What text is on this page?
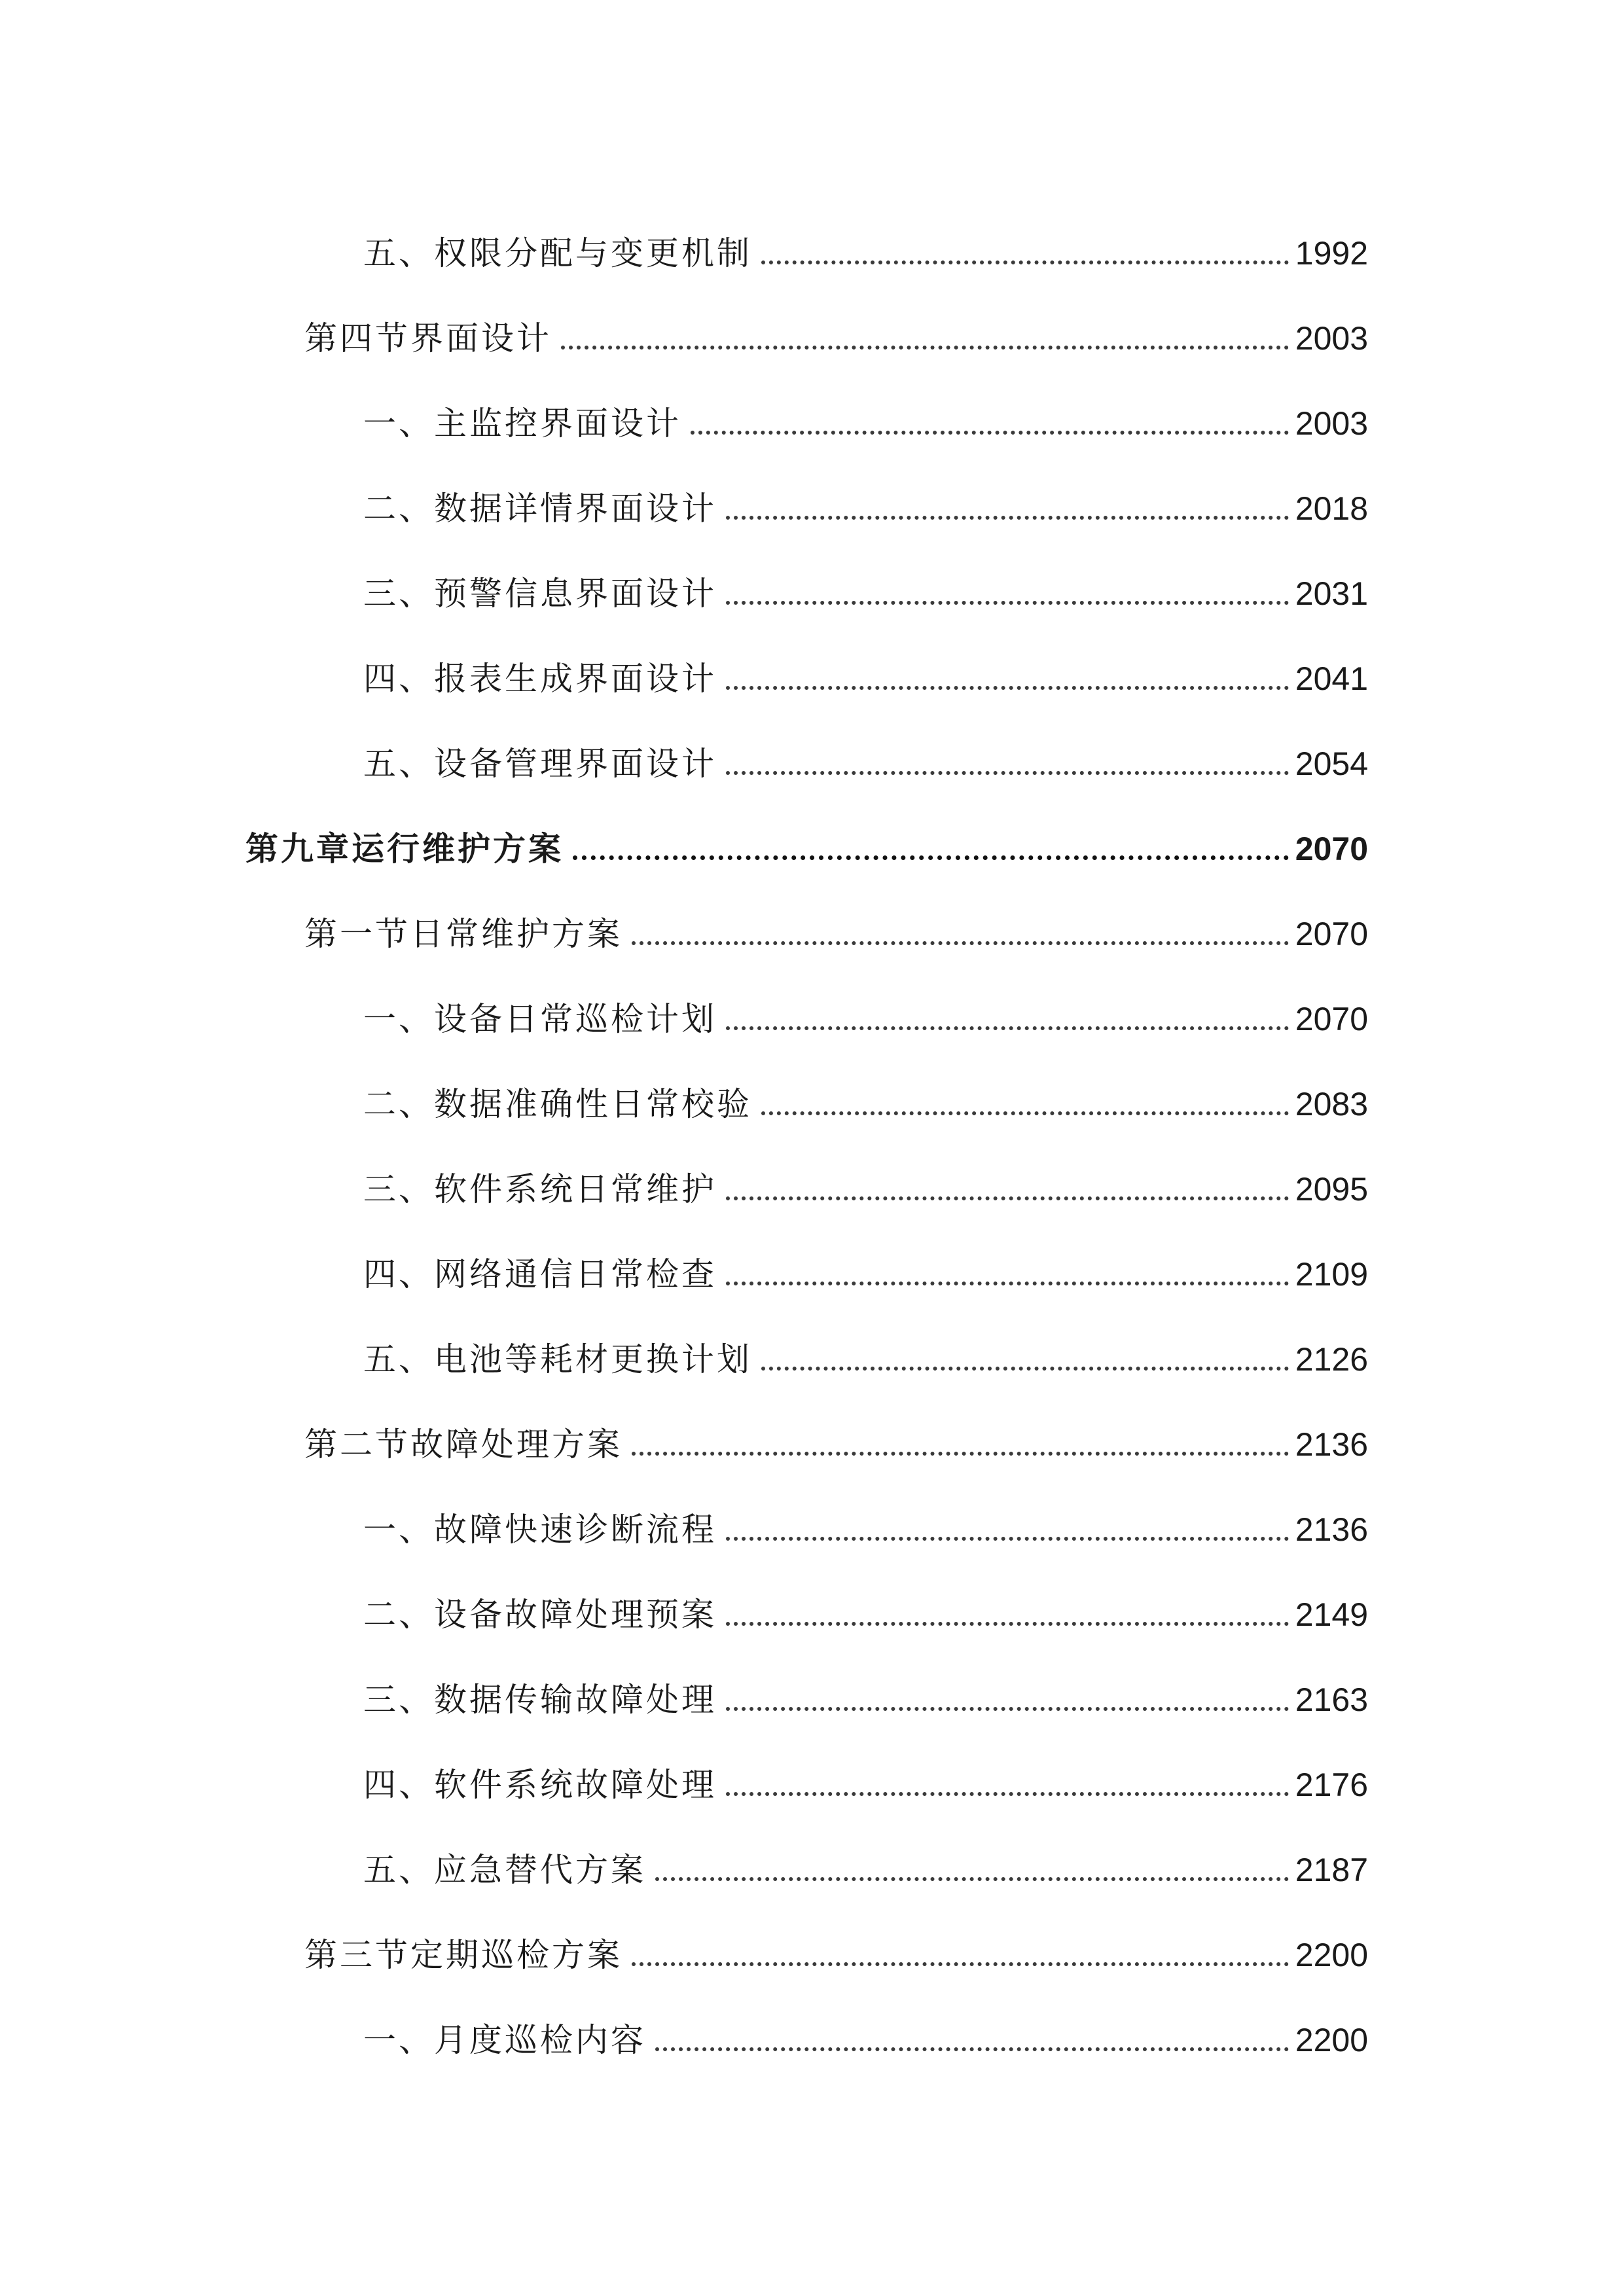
五、权限分配与变更机制	1992
第四节界面设计	2003
一、主监控界面设计	2003
二、数据详情界面设计	2018
三、预警信息界面设计	2031
四、报表生成界面设计	2041
五、设备管理界面设计	2054
第九章运行维护方案	2070
第一节日常维护方案	2070
一、设备日常巡检计划	2070
二、数据准确性日常校验	2083
三、软件系统日常维护	2095
四、网络通信日常检查	2109
五、电池等耗材更换计划	2126
第二节故障处理方案	2136
一、故障快速诊断流程	2136
二、设备故障处理预案	2149
三、数据传输故障处理	2163
四、软件系统故障处理	2176
五、应急替代方案	2187
第三节定期巡检方案	2200
一、月度巡检内容	2200
